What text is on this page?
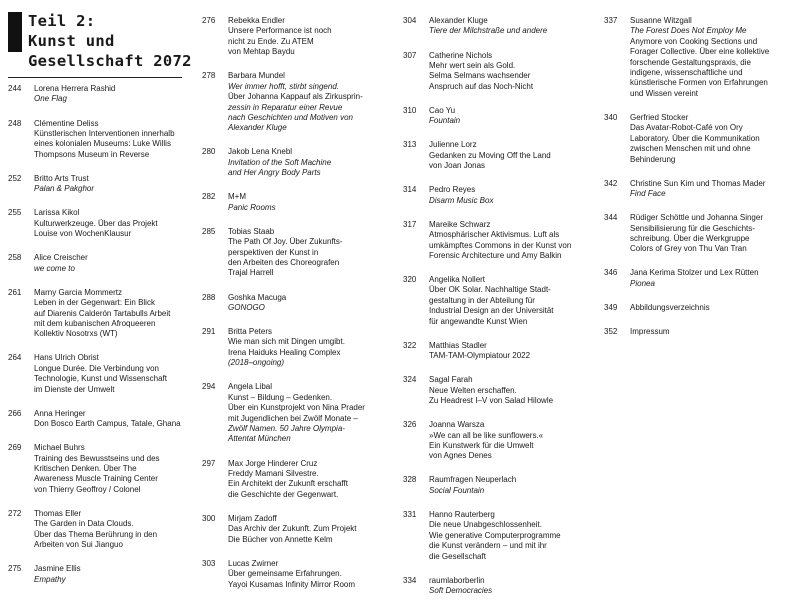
Teil 2:
Kunst und
Gesellschaft 2072
244	Lorena Herrera Rashid
One Flag
248	Clémentine Deliss
Künstlerischen Interventionen innerhalb
eines kolonialen Museums: Luke Willis
Thompsons Museum in Reverse
252	Britto Arts Trust
Palan & Pakghor
255	Larissa Kikol
Kulturwerkzeuge. Über das Projekt
Louise von WochenKlausur
258	Alice Creischer
we come to
261	Marny Garcia Mommertz
Leben in der Gegenwart: Ein Blick
auf Diarenis Calderón Tartabulls Arbeit
mit dem kubanischen Afroqueeren
Kollektiv Nosotrxs (WT)
264	Hans Ulrich Obrist
Longue Durée. Die Verbindung von
Technologie, Kunst und Wissenschaft
im Dienste der Umwelt
266	Anna Heringer
Don Bosco Earth Campus, Tatale, Ghana
269	Michael Buhrs
Training des Bewusstseins und des
Kritischen Denken. Über The
Awareness Muscle Training Center
von Thierry Geoffroy / Colonel
272	Thomas Eller
The Garden in Data Clouds.
Über das Thema Berührung in den
Arbeiten von Sui Jianguo
275	Jasmine Ellis
Empathy
276	Rebekka Endler
Unsere Performance ist noch
nicht zu Ende. Zu ATEM
von Mehtap Baydu
278	Barbara Mundel
Wer immer hofft, stirbt singend.
Über Johanna Kappauf als Zirkusprin-
zessin in Reparatur einer Revue
nach Geschichten und Motiven von
Alexander Kluge
280	Jakob Lena Knebl
Invitation of the Soft Machine
and Her Angry Body Parts
282	M+M
Panic Rooms
285	Tobias Staab
The Path Of Joy. Über Zukunfts-
perspektiven der Kunst in
den Arbeiten des Choreografen
Trajal Harrell
288	Goshka Macuga
GONOGO
291	Britta Peters
Wie man sich mit Dingen umgibt.
Irena Haiduks Healing Complex
(2018–ongoing)
294	Angela Libal
Kunst – Bildung – Gedenken.
Über ein Kunstprojekt von Nina Prader
mit Jugendlichen bei Zwölf Monate –
Zwölf Namen. 50 Jahre Olympia-
Attentat München
297	Max Jorge Hinderer Cruz
Freddy Mamani Silvestre.
Ein Architekt der Zukunft erschafft
die Geschichte der Gegenwart.
300	Mirjam Zadoff
Das Archiv der Zukunft. Zum Projekt
Die Bücher von Annette Kelm
303	Lucas Zwirner
Über gemeinsame Erfahrungen.
Yayoi Kusamas Infinity Mirror Room
304	Alexander Kluge
Tiere der Milchstraße und andere
307	Catherine Nichols
Mehr wert sein als Gold.
Selma Selmans wachsender
Anspruch auf das Noch-Nicht
310	Cao Yu
Fountain
313	Julienne Lorz
Gedanken zu Moving Off the Land
von Joan Jonas
314	Pedro Reyes
Disarm Music Box
317	Mareike Schwarz
Atmosphärischer Aktivismus. Luft als
umkämpftes Commons in der Kunst von
Forensic Architecture und Amy Balkin
320	Angelika Nollert
Über OK Solar. Nachhaltige Stadt-
gestaltung in der Abteilung für
Industrial Design an der Universität
für angewandte Kunst Wien
322	Matthias Stadler
TAM-TAM-Olympiatour 2022
324	Sagal Farah
Neue Welten erschaffen.
Zu Headrest I–V von Salad Hilowle
326	Joanna Warsza
»We can all be like sunflowers.«
Ein Kunstwerk für die Umwelt
von Agnes Denes
328	Raumfragen Neuperlach
Social Fountain
331	Hanno Rauterberg
Die neue Unabgeschlossenheit.
Wie generative Computerprogramme
die Kunst verändern – und mit ihr
die Gesellschaft
334	raumlaborberlin
Soft Democracies
337	Susanne Witzgall
The Forest Does Not Employ Me
Anymore von Cooking Sections und
Forager Collective. Über eine kollektive
forschende Gestaltungspraxis, die
indigene, wissenschaftliche und
künstlerische Formen von Erfahrungen
und Wissen vereint
340	Gerfried Stocker
Das Avatar-Robot-Café von Ory
Laboratory. Über die Kommunikation
zwischen Menschen mit und ohne
Behinderung
342	Christine Sun Kim und Thomas Mader
Find Face
344	Rüdiger Schöttle und Johanna Singer
Sensibilisierung für die Geschichts-
schreibung. Über die Werkgruppe
Colors of Grey von Thu Van Tran
346	Jana Kerima Stolzer und Lex Rütten
Pionea
349	Abbildungsverzeichnis
352	Impressum
